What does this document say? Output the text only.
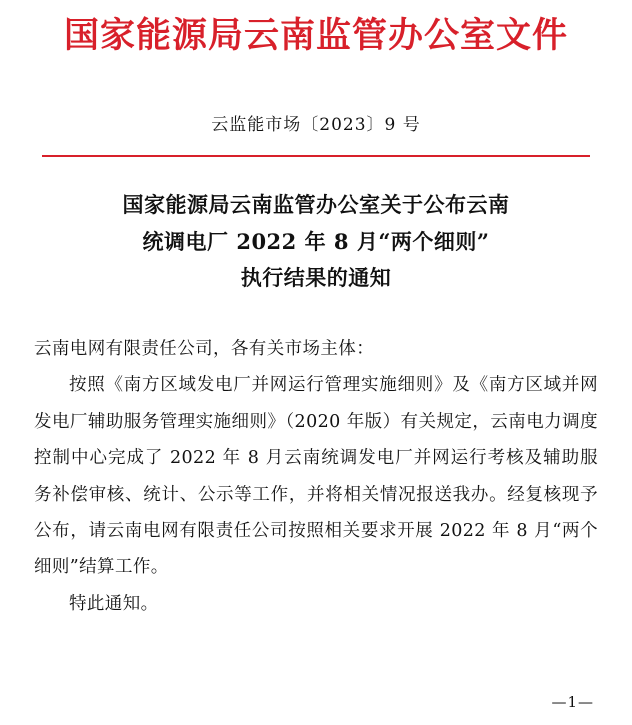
国家能源局云南监管办公室文件
云监能市场〔2023〕9 号
国家能源局云南监管办公室关于公布云南
统调电厂 2022 年 8 月“两个细则”
执行结果的通知

云南电网有限责任公司，各有关市场主体：

按照《南方区域发电厂并网运行管理实施细则》及《南方区域并网发电厂辅助服务管理实施细则》（2020 年版）有关规定，云南电力调度控制中心完成了 2022 年 8 月云南统调发电厂并网运行考核及辅助服务补偿审核、统计、公示等工作，并将相关情况报送我办。经复核现予公布，请云南电网有限责任公司按照相关要求开展 2022 年 8 月“两个细则”结算工作。

特此通知。

—1—
